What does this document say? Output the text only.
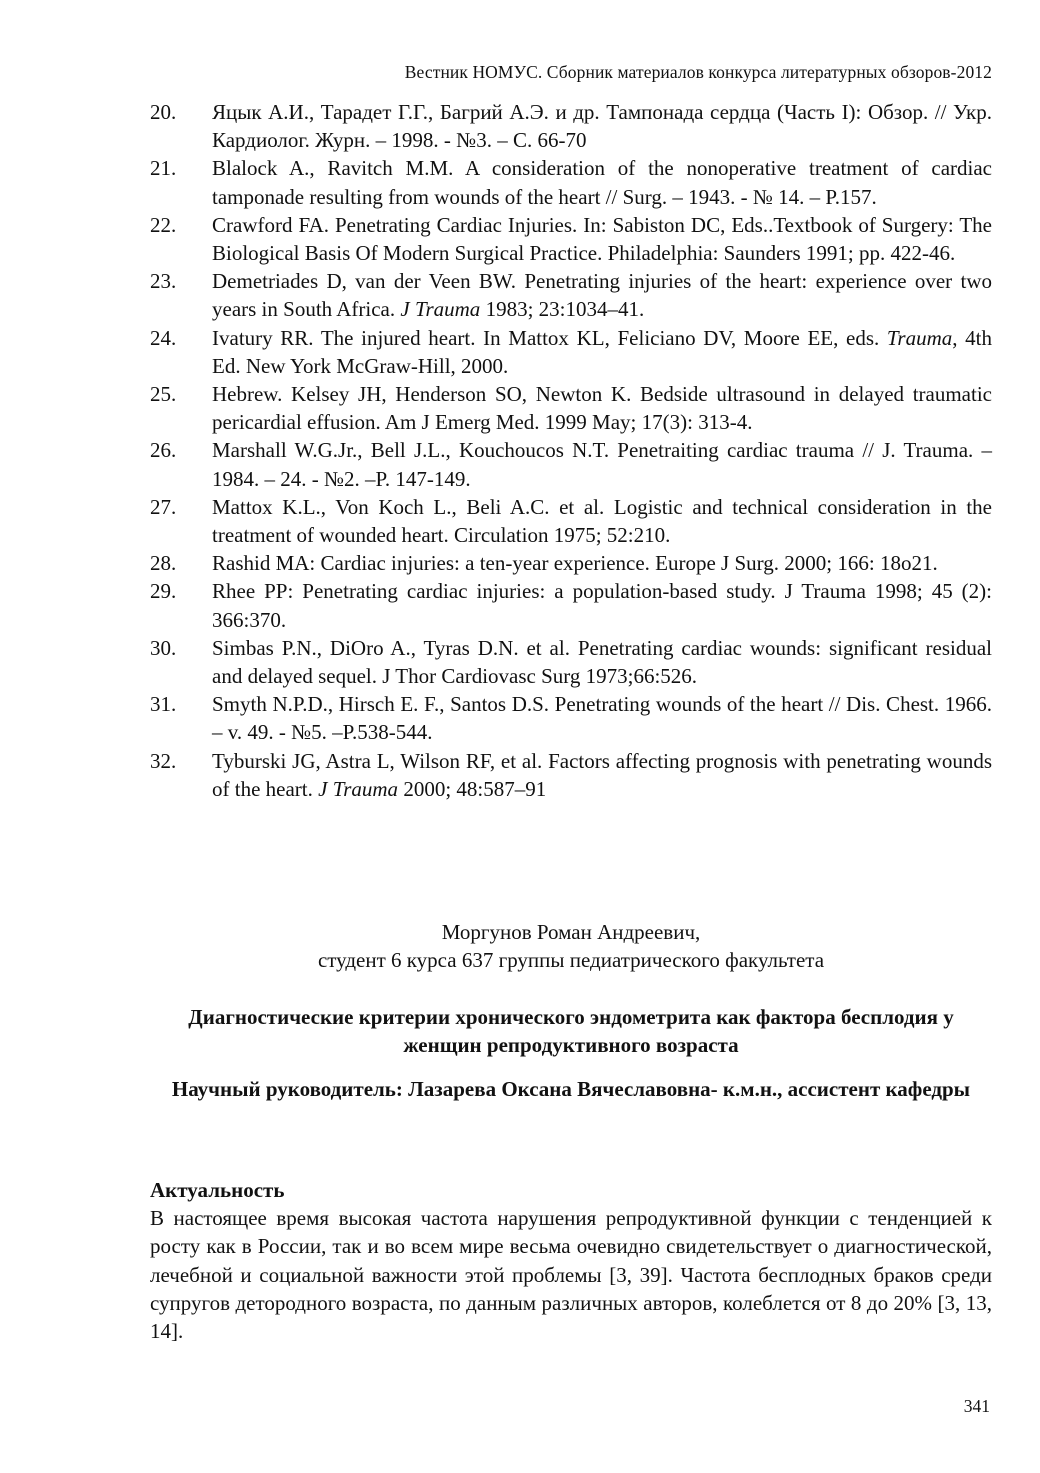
Вестник НОМУС. Сборник материалов конкурса литературных обзоров-2012
20.	Яцык А.И., Тарадет Г.Г., Багрий А.Э. и др. Тампонада сердца (Часть I): Обзор. // Укр. Кардиолог. Журн. – 1998. - №3. – С. 66-70
21.	Blalock A., Ravitch M.M. A consideration of the nonoperative treatment of cardiac tamponade resulting from wounds of the heart // Surg. – 1943. - № 14. – P.157.
22.	Crawford FA. Penetrating Cardiac Injuries. In: Sabiston DC, Eds..Textbook of Surgery: The Biological Basis Of Modern Surgical Practice. Philadelphia: Saunders 1991; pp. 422-46.
23.	Demetriades D, van der Veen BW. Penetrating injuries of the heart: experience over two years in South Africa. J Trauma 1983; 23:1034–41.
24.	Ivatury RR. The injured heart. In Mattox KL, Feliciano DV, Moore EE, eds. Trauma, 4th Ed. New York McGraw-Hill, 2000.
25.	Hebrew. Kelsey JH, Henderson SO, Newton K. Bedside ultrasound in delayed traumatic pericardial effusion. Am J Emerg Med. 1999 May; 17(3): 313-4.
26.	Marshall W.G.Jr., Bell J.L., Kouchoucos N.T. Penetraiting cardiac trauma // J. Trauma. – 1984. – 24. - №2. –P. 147-149.
27.	Mattox K.L., Von Koch L., Beli A.C. et al. Logistic and technical consideration in the treatment of wounded heart. Circulation 1975; 52:210.
28.	Rashid MA: Cardiac injuries: a ten-year experience. Europe J Surg. 2000; 166: 18o21.
29.	Rhee PP: Penetrating cardiac injuries: a population-based study. J Trauma 1998; 45 (2): 366:370.
30.	Simbas P.N., DiOro A., Tyras D.N. et al. Penetrating cardiac wounds: significant residual and delayed sequel. J Thor Cardiovasc Surg 1973;66:526.
31.	Smyth N.P.D., Hirsch E. F., Santos D.S. Penetrating wounds of the heart // Dis. Chest. 1966. – v. 49. - №5. –P.538-544.
32.	Tyburski JG, Astra L, Wilson RF, et al. Factors affecting prognosis with penetrating wounds of the heart. J Trauma 2000; 48:587–91
Моргунов Роман Андреевич,
студент 6 курса 637 группы педиатрического факультета
Диагностические критерии хронического эндометрита как фактора бесплодия у женщин репродуктивного возраста
Научный руководитель: Лазарева Оксана Вячеславовна- к.м.н., ассистент кафедры
Актуальность
В настоящее время высокая частота нарушения репродуктивной функции с тенденцией к росту как в России, так и во всем мире весьма очевидно свидетельствует о диагностической, лечебной и социальной важности этой проблемы [3, 39]. Частота бесплодных браков среди супругов детородного возраста, по данным различных авторов, колеблется от 8 до 20% [3, 13, 14].
341
